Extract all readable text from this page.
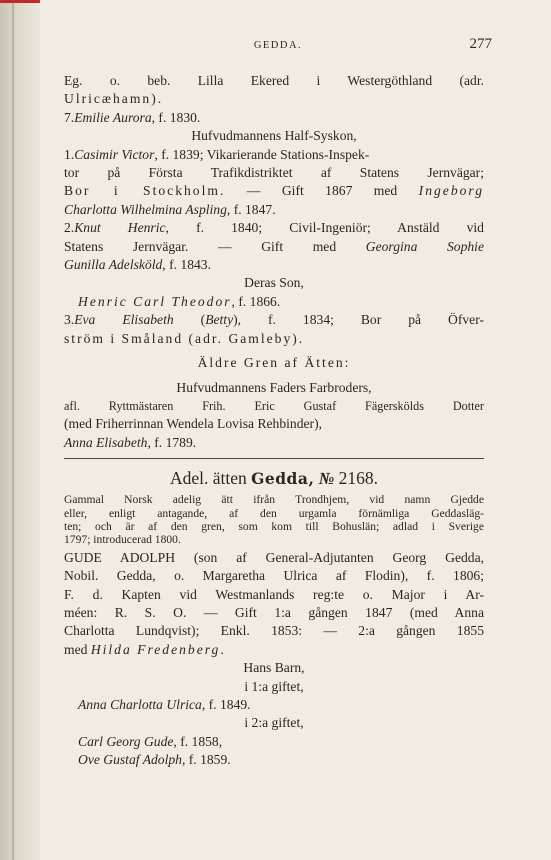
GEDDA.	277
Eg. o. beb. Lilla Ekered i Westergöthland (adr.
Ulricæhamn).
7.Emilie Aurora, f. 1830.
Hufvudmannens Half-Syskon,
1.Casimir Victor, f. 1839; Vikarierande Stations-Inspek-
tor på Första Trafikdistriktet af Statens Jernvägar;
Bor i Stockholm. — Gift 1867 med Ingeborg
Charlotta Wilhelmina Aspling, f. 1847.
2.Knut Henric, f. 1840; Civil-Ingeniör; Anstäld vid
Statens Jernvägar. — Gift med Georgina Sophie
Gunilla Adelsköld, f. 1843.
Deras Son,
Henric Carl Theodor, f. 1866.
3.Eva Elisabeth (Betty), f. 1834; Bor på Öfver-
ström i Småland (adr. Gamleby).
Äldre Gren af Ätten:
Hufvudmannens Faders Farbroders,
afl. Ryttmästaren Frih. Eric Gustaf Fägerskölds Dotter
(med Friherrinnan Wendela Lovisa Rehbinder),
Anna Elisabeth, f. 1789.
Adel. ätten Gedda, № 2168.
Gammal Norsk adelig ätt ifrån Trondhjem, vid namn Gjedde
eller, enligt antagande, af den urgamla förnämliga Geddasläg-
ten; och är af den gren, som kom till Bohuslän; adlad i Sverige
1797; introducerad 1800.
GUDE ADOLPH (son af General-Adjutanten Georg Gedda,
Nobil. Gedda, o. Margaretha Ulrica af Flodin), f. 1806;
F. d. Kapten vid Westmanlands reg:te o. Major i Ar-
méen: R. S. O. — Gift 1:a gången 1847 (med Anna
Charlotta Lundqvist); Enkl. 1853: — 2:a gången 1855
med Hilda Fredenberg.
Hans Barn,
i 1:a giftet,
Anna Charlotta Ulrica, f. 1849.
i 2:a giftet,
Carl Georg Gude, f. 1858,
Ove Gustaf Adolph, f. 1859.
